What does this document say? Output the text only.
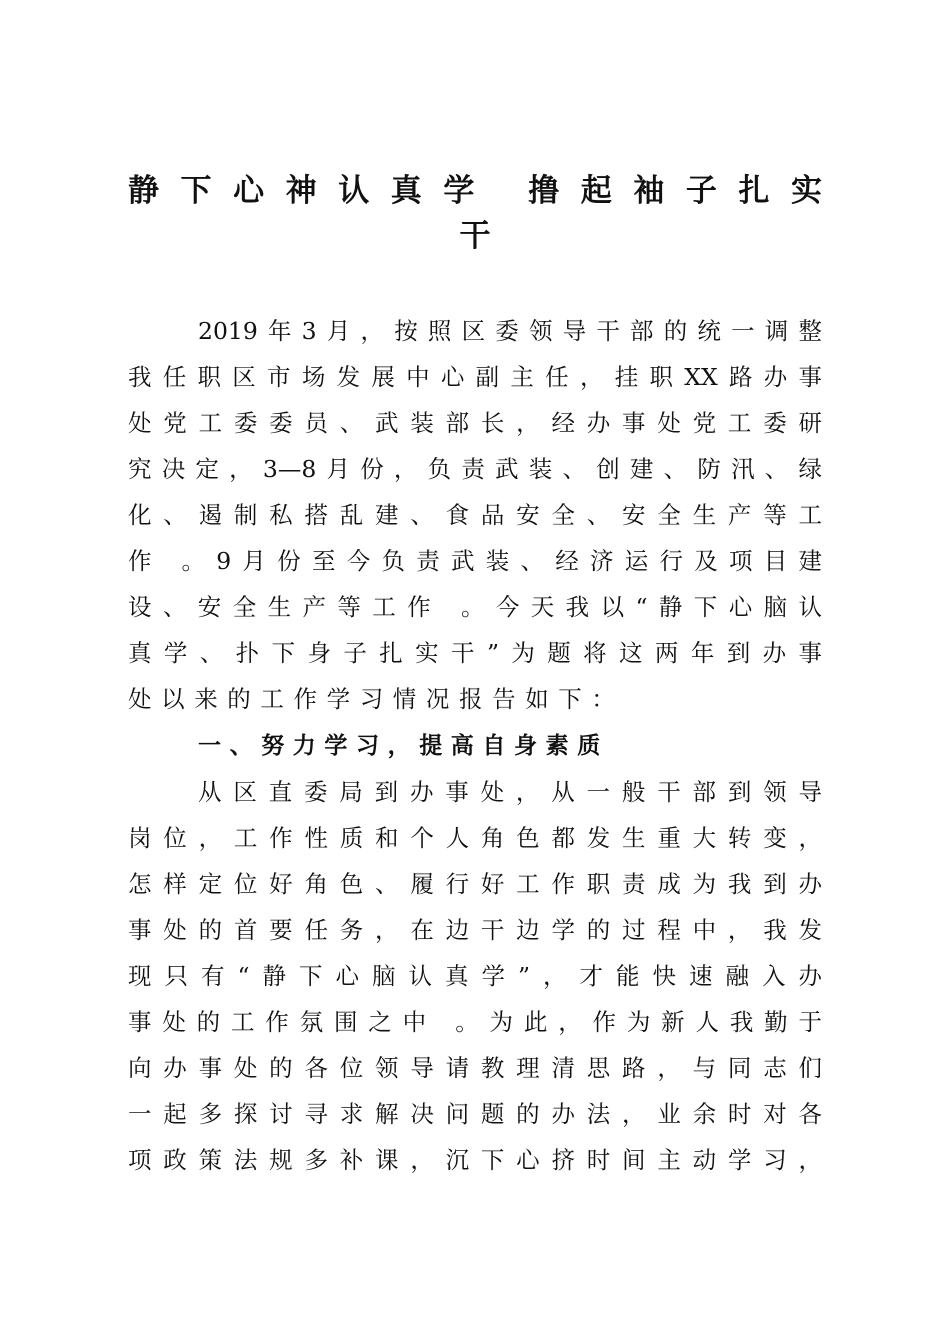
静下心神认真学 撸起袖子扎实
干
2019年3月，按照区委领导干部的统一调整
我任职区市场发展中心副主任，挂职XX路办事
处党工委委员、武装部长，经办事处党工委研
究决定，3—8月份，负责武装、创建、防汛、绿
化、遏制私搭乱建、食品安全、安全生产等工
作 。9月份至今负责武装、经济运行及项目建
设、安全生产等工作 。今天我以“静下心脑认
真学、扑下身子扎实干”为题将这两年到办事
处以来的工作学习情况报告如下：
一、努力学习，提高自身素质
从区直委局到办事处，从一般干部到领导
岗位，工作性质和个人角色都发生重大转变，
怎样定位好角色、履行好工作职责成为我到办
事处的首要任务，在边干边学的过程中，我发
现只有“静下心脑认真学”，才能快速融入办
事处的工作氛围之中 。为此，作为新人我勤于
向办事处的各位领导请教理清思路，与同志们
一起多探讨寻求解决问题的办法，业余时对各
项政策法规多补课，沉下心挤时间主动学习，
